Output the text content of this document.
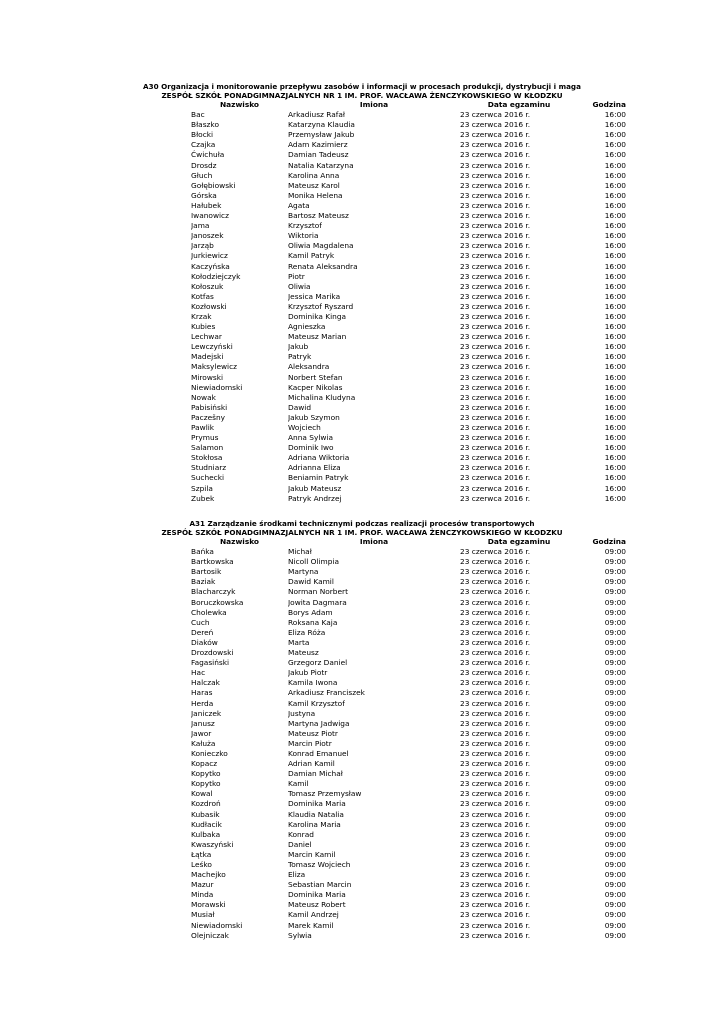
A30 Organizacja i monitorowanie przepływu zasobów i informacji w procesach produkcji, dystrybucji i maga
ZESPÓŁ SZKÓŁ PONADGIMNAZJALNYCH NR 1 IM. PROF. WACŁAWA ŻENCZYKOWSKIEGO W KŁODZKU
Nazwisko	Imiona	Data egzaminu	Godzina
Bac	Arkadiusz Rafał	23 czerwca 2016 r.	16:00
Błaszko	Katarzyna Klaudia	23 czerwca 2016 r.	16:00
Błocki	Przemysław Jakub	23 czerwca 2016 r.	16:00
Czajka	Adam Kazimierz	23 czerwca 2016 r.	16:00
Ćwichuła	Damian Tadeusz	23 czerwca 2016 r.	16:00
Drosdz	Natalia Katarzyna	23 czerwca 2016 r.	16:00
Głuch	Karolina Anna	23 czerwca 2016 r.	16:00
Gołębiowski	Mateusz Karol	23 czerwca 2016 r.	16:00
Górska	Monika Helena	23 czerwca 2016 r.	16:00
Hałubek	Agata	23 czerwca 2016 r.	16:00
Iwanowicz	Bartosz Mateusz	23 czerwca 2016 r.	16:00
Jama	Krzysztof	23 czerwca 2016 r.	16:00
Janoszek	Wiktoria	23 czerwca 2016 r.	16:00
Jarząb	Oliwia Magdalena	23 czerwca 2016 r.	16:00
Jurkiewicz	Kamil Patryk	23 czerwca 2016 r.	16:00
Kaczyńska	Renata Aleksandra	23 czerwca 2016 r.	16:00
Kołodziejczyk	Piotr	23 czerwca 2016 r.	16:00
Kołoszuk	Oliwia	23 czerwca 2016 r.	16:00
Kotfas	Jessica Marika	23 czerwca 2016 r.	16:00
Kozłowski	Krzysztof Ryszard	23 czerwca 2016 r.	16:00
Krzak	Dominika Kinga	23 czerwca 2016 r.	16:00
Kubies	Agnieszka	23 czerwca 2016 r.	16:00
Lechwar	Mateusz Marian	23 czerwca 2016 r.	16:00
Lewczyński	Jakub	23 czerwca 2016 r.	16:00
Madejski	Patryk	23 czerwca 2016 r.	16:00
Maksylewicz	Aleksandra	23 czerwca 2016 r.	16:00
Mirowski	Norbert Stefan	23 czerwca 2016 r.	16:00
Niewiadomski	Kacper Nikolas	23 czerwca 2016 r.	16:00
Nowak	Michalina Kludyna	23 czerwca 2016 r.	16:00
Pabisiński	Dawid	23 czerwca 2016 r.	16:00
Paczešny	Jakub Szymon	23 czerwca 2016 r.	16:00
Pawlik	Wojciech	23 czerwca 2016 r.	16:00
Prymus	Anna Sylwia	23 czerwca 2016 r.	16:00
Salamon	Dominik Iwo	23 czerwca 2016 r.	16:00
Stokłosa	Adriana Wiktoria	23 czerwca 2016 r.	16:00
Studniarz	Adrianna Eliza	23 czerwca 2016 r.	16:00
Suchecki	Beniamin Patryk	23 czerwca 2016 r.	16:00
Szpila	Jakub Mateusz	23 czerwca 2016 r.	16:00
Zubek	Patryk Andrzej	23 czerwca 2016 r.	16:00
A31 Zarządzanie środkami technicznymi podczas realizacji procesów transportowych
ZESPÓŁ SZKÓŁ PONADGIMNAZJALNYCH NR 1 IM. PROF. WACŁAWA ŻENCZYKOWSKIEGO W KŁODZKU
Nazwisko	Imiona	Data egzaminu	Godzina
Bańka	Michał	23 czerwca 2016 r.	09:00
Bartkowska	Nicoll Olimpia	23 czerwca 2016 r.	09:00
Bartosik	Martyna	23 czerwca 2016 r.	09:00
Baziak	Dawid Kamil	23 czerwca 2016 r.	09:00
Blacharczyk	Norman Norbert	23 czerwca 2016 r.	09:00
Boruczkowska	Jowita Dagmara	23 czerwca 2016 r.	09:00
Cholewka	Borys Adam	23 czerwca 2016 r.	09:00
Cuch	Roksana Kaja	23 czerwca 2016 r.	09:00
Dereń	Eliza Róża	23 czerwca 2016 r.	09:00
Diaków	Marta	23 czerwca 2016 r.	09:00
Drozdowski	Mateusz	23 czerwca 2016 r.	09:00
Fagasiński	Grzegorz Daniel	23 czerwca 2016 r.	09:00
Hac	Jakub Piotr	23 czerwca 2016 r.	09:00
Halczak	Kamila Iwona	23 czerwca 2016 r.	09:00
Haras	Arkadiusz Franciszek	23 czerwca 2016 r.	09:00
Herda	Kamil Krzysztof	23 czerwca 2016 r.	09:00
Janiczek	Justyna	23 czerwca 2016 r.	09:00
Janusz	Martyna Jadwiga	23 czerwca 2016 r.	09:00
Jawor	Mateusz Piotr	23 czerwca 2016 r.	09:00
Kałuża	Marcin Piotr	23 czerwca 2016 r.	09:00
Konieczko	Konrad Emanuel	23 czerwca 2016 r.	09:00
Kopacz	Adrian Kamil	23 czerwca 2016 r.	09:00
Kopytko	Damian Michał	23 czerwca 2016 r.	09:00
Kopytko	Kamil	23 czerwca 2016 r.	09:00
Kowal	Tomasz Przemysław	23 czerwca 2016 r.	09:00
Kozdroń	Dominika Maria	23 czerwca 2016 r.	09:00
Kubasik	Klaudia Natalia	23 czerwca 2016 r.	09:00
Kudłacik	Karolina Maria	23 czerwca 2016 r.	09:00
Kulbaka	Konrad	23 czerwca 2016 r.	09:00
Kwaszyński	Daniel	23 czerwca 2016 r.	09:00
Łątka	Marcin Kamil	23 czerwca 2016 r.	09:00
Leśko	Tomasz Wojciech	23 czerwca 2016 r.	09:00
Machejko	Eliza	23 czerwca 2016 r.	09:00
Mazur	Sebastian Marcin	23 czerwca 2016 r.	09:00
Minda	Dominika Maria	23 czerwca 2016 r.	09:00
Morawski	Mateusz Robert	23 czerwca 2016 r.	09:00
Musiał	Kamil Andrzej	23 czerwca 2016 r.	09:00
Niewiadomski	Marek Kamil	23 czerwca 2016 r.	09:00
Olejniczak	Sylwia	23 czerwca 2016 r.	09:00
